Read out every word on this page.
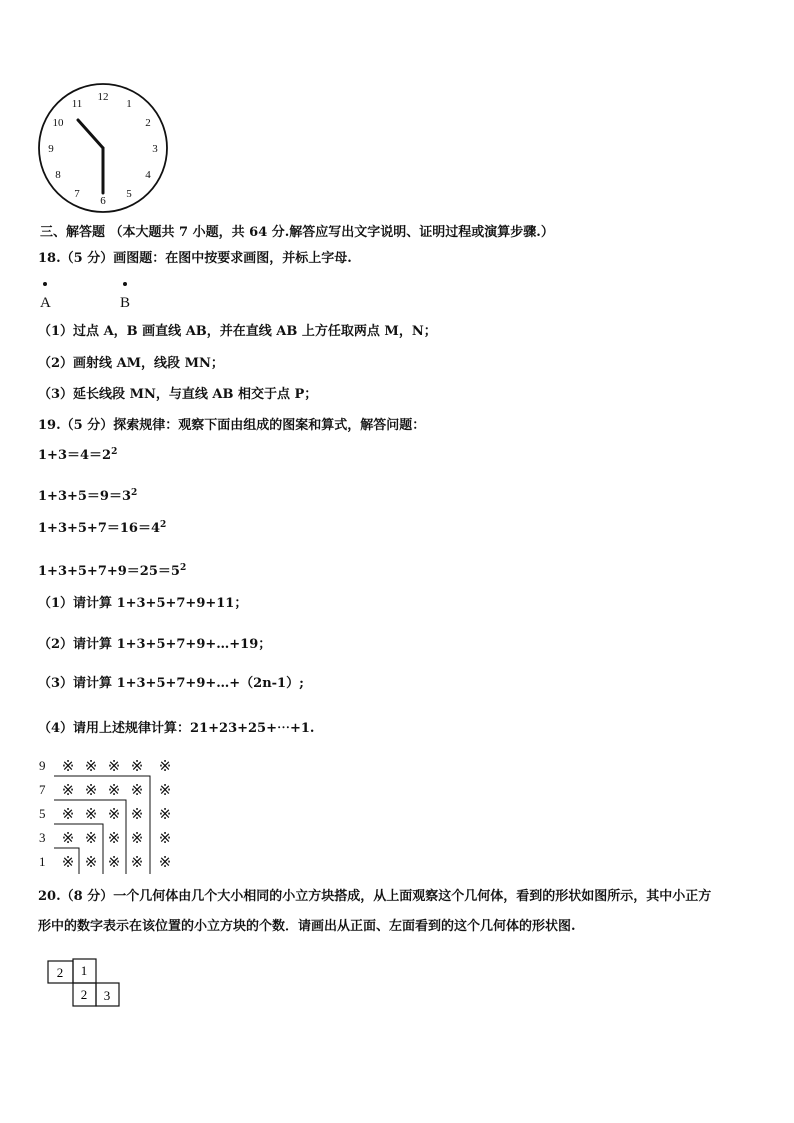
12
1
2
3
4
5
6
7
8
9
10
11
三、解答题 （本大题共 7 小题，共 64 分.解答应写出文字说明、证明过程或演算步骤.）
18.（5 分）画图题：在图中按要求画图，并标上字母.
A	B
（1）过点 A，B 画直线 AB，并在直线 AB 上方任取两点 M，N；
（2）画射线 AM，线段 MN；
（3）延长线段 MN，与直线 AB 相交于点 P；
19.（5 分）探索规律：观察下面由组成的图案和算式，解答问题：
$1+3=4=2^2$
$1+3+5=9=3^2$
$1+3+5+7=16=4^2$
$1+3+5+7+9=25=5^2$
（1）请计算 1+3+5+7+9+11；
（2）请计算 1+3+5+7+9+…+19；
（3）请计算 1+3+5+7+9+…+（2n-1）;
（4）请用上述规律计算：21+23+25+⋯+1.
9
7
5
3
1
※ ※ ※ ※ ※
※ ※ ※ ※ ※
※ ※ ※ ※ ※
※ ※ ※ ※ ※
※ ※ ※ ※ ※
20.（8 分）一个几何体由几个大小相同的小立方块搭成，从上面观察这个几何体，看到的形状如图所示，其中小正方
形中的数字表示在该位置的小立方块的个数．请画出从正面、左面看到的这个几何体的形状图.
2 1
2 3
